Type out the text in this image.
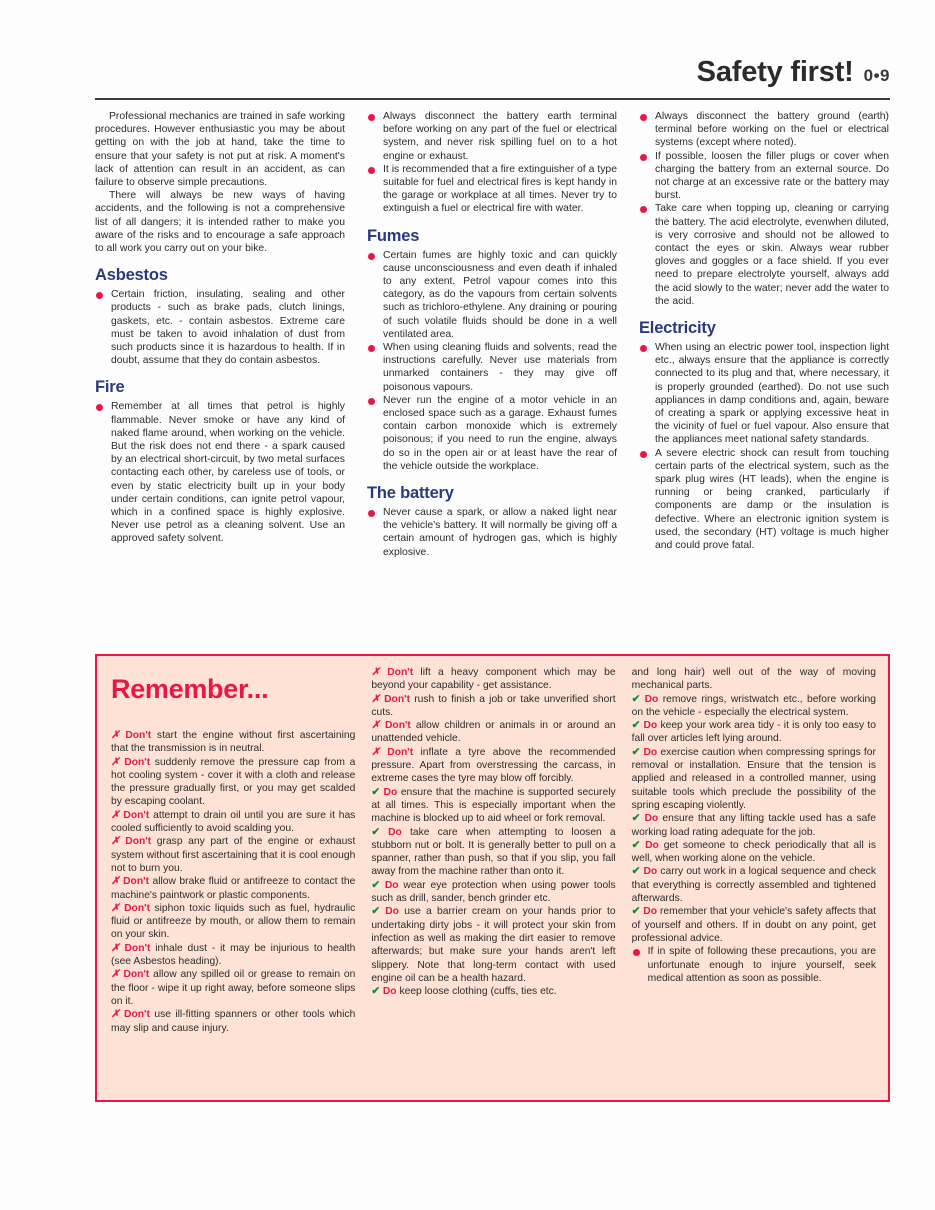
Safety first! 0•9

Professional mechanics are trained in safe working procedures. However enthusiastic you may be about getting on with the job at hand, take the time to ensure that your safety is not put at risk. A moment's lack of attention can result in an accident, as can failure to observe simple precautions.

There will always be new ways of having accidents, and the following is not a comprehensive list of all dangers; it is intended rather to make you aware of the risks and to encourage a safe approach to all work you carry out on your bike.

Asbestos

Certain friction, insulating, sealing and other products - such as brake pads, clutch linings, gaskets, etc. - contain asbestos. Extreme care must be taken to avoid inhalation of dust from such products since it is hazardous to health. If in doubt, assume that they do contain asbestos.

Fire

Remember at all times that petrol is highly flammable. Never smoke or have any kind of naked flame around, when working on the vehicle. But the risk does not end there - a spark caused by an electrical short-circuit, by two metal surfaces contacting each other, by careless use of tools, or even by static electricity built up in your body under certain conditions, can ignite petrol vapour, which in a confined space is highly explosive. Never use petrol as a cleaning solvent. Use an approved safety solvent.

Always disconnect the battery earth terminal before working on any part of the fuel or electrical system, and never risk spilling fuel on to a hot engine or exhaust.

It is recommended that a fire extinguisher of a type suitable for fuel and electrical fires is kept handy in the garage or workplace at all times. Never try to extinguish a fuel or electrical fire with water.

Fumes

Certain fumes are highly toxic and can quickly cause unconsciousness and even death if inhaled to any extent. Petrol vapour comes into this category, as do the vapours from certain solvents such as trichloro-ethylene. Any draining or pouring of such volatile fluids should be done in a well ventilated area.

When using cleaning fluids and solvents, read the instructions carefully. Never use materials from unmarked containers - they may give off poisonous vapours.

Never run the engine of a motor vehicle in an enclosed space such as a garage. Exhaust fumes contain carbon monoxide which is extremely poisonous; if you need to run the engine, always do so in the open air or at least have the rear of the vehicle outside the workplace.

The battery

Never cause a spark, or allow a naked light near the vehicle's battery. It will normally be giving off a certain amount of hydrogen gas, which is highly explosive.

Always disconnect the battery ground (earth) terminal before working on the fuel or electrical systems (except where noted).

If possible, loosen the filler plugs or cover when charging the battery from an external source. Do not charge at an excessive rate or the battery may burst.

Take care when topping up, cleaning or carrying the battery. The acid electrolyte, evenwhen diluted, is very corrosive and should not be allowed to contact the eyes or skin. Always wear rubber gloves and goggles or a face shield. If you ever need to prepare electrolyte yourself, always add the acid slowly to the water; never add the water to the acid.

Electricity

When using an electric power tool, inspection light etc., always ensure that the appliance is correctly connected to its plug and that, where necessary, it is properly grounded (earthed). Do not use such appliances in damp conditions and, again, beware of creating a spark or applying excessive heat in the vicinity of fuel or fuel vapour. Also ensure that the appliances meet national safety standards.

A severe electric shock can result from touching certain parts of the electrical system, such as the spark plug wires (HT leads), when the engine is running or being cranked, particularly if components are damp or the insulation is defective. Where an electronic ignition system is used, the secondary (HT) voltage is much higher and could prove fatal.

Remember...

✗ Don't start the engine without first ascertaining that the transmission is in neutral.

✗ Don't suddenly remove the pressure cap from a hot cooling system - cover it with a cloth and release the pressure gradually first, or you may get scalded by escaping coolant.

✗ Don't attempt to drain oil until you are sure it has cooled sufficiently to avoid scalding you.

✗ Don't grasp any part of the engine or exhaust system without first ascertaining that it is cool enough not to burn you.

✗ Don't allow brake fluid or antifreeze to contact the machine's paintwork or plastic components.

✗ Don't siphon toxic liquids such as fuel, hydraulic fluid or antifreeze by mouth, or allow them to remain on your skin.

✗ Don't inhale dust - it may be injurious to health (see Asbestos heading).

✗ Don't allow any spilled oil or grease to remain on the floor - wipe it up right away, before someone slips on it.

✗ Don't use ill-fitting spanners or other tools which may slip and cause injury.

✗ Don't lift a heavy component which may be beyond your capability - get assistance.

✗ Don't rush to finish a job or take unverified short cuts.

✗ Don't allow children or animals in or around an unattended vehicle.

✗ Don't inflate a tyre above the recommended pressure. Apart from overstressing the carcass, in extreme cases the tyre may blow off forcibly.

✔ Do ensure that the machine is supported securely at all times. This is especially important when the machine is blocked up to aid wheel or fork removal.

✔ Do take care when attempting to loosen a stubborn nut or bolt. It is generally better to pull on a spanner, rather than push, so that if you slip, you fall away from the machine rather than onto it.

✔ Do wear eye protection when using power tools such as drill, sander, bench grinder etc.

✔ Do use a barrier cream on your hands prior to undertaking dirty jobs - it will protect your skin from infection as well as making the dirt easier to remove afterwards; but make sure your hands aren't left slippery. Note that long-term contact with used engine oil can be a health hazard.

✔ Do keep loose clothing (cuffs, ties etc.

and long hair) well out of the way of moving mechanical parts.

✔ Do remove rings, wristwatch etc., before working on the vehicle - especially the electrical system.

✔ Do keep your work area tidy - it is only too easy to fall over articles left lying around.

✔ Do exercise caution when compressing springs for removal or installation. Ensure that the tension is applied and released in a controlled manner, using suitable tools which preclude the possibility of the spring escaping violently.

✔ Do ensure that any lifting tackle used has a safe working load rating adequate for the job.

✔ Do get someone to check periodically that all is well, when working alone on the vehicle.

✔ Do carry out work in a logical sequence and check that everything is correctly assembled and tightened afterwards.

✔ Do remember that your vehicle's safety affects that of yourself and others. If in doubt on any point, get professional advice.

If in spite of following these precautions, you are unfortunate enough to injure yourself, seek medical attention as soon as possible.
